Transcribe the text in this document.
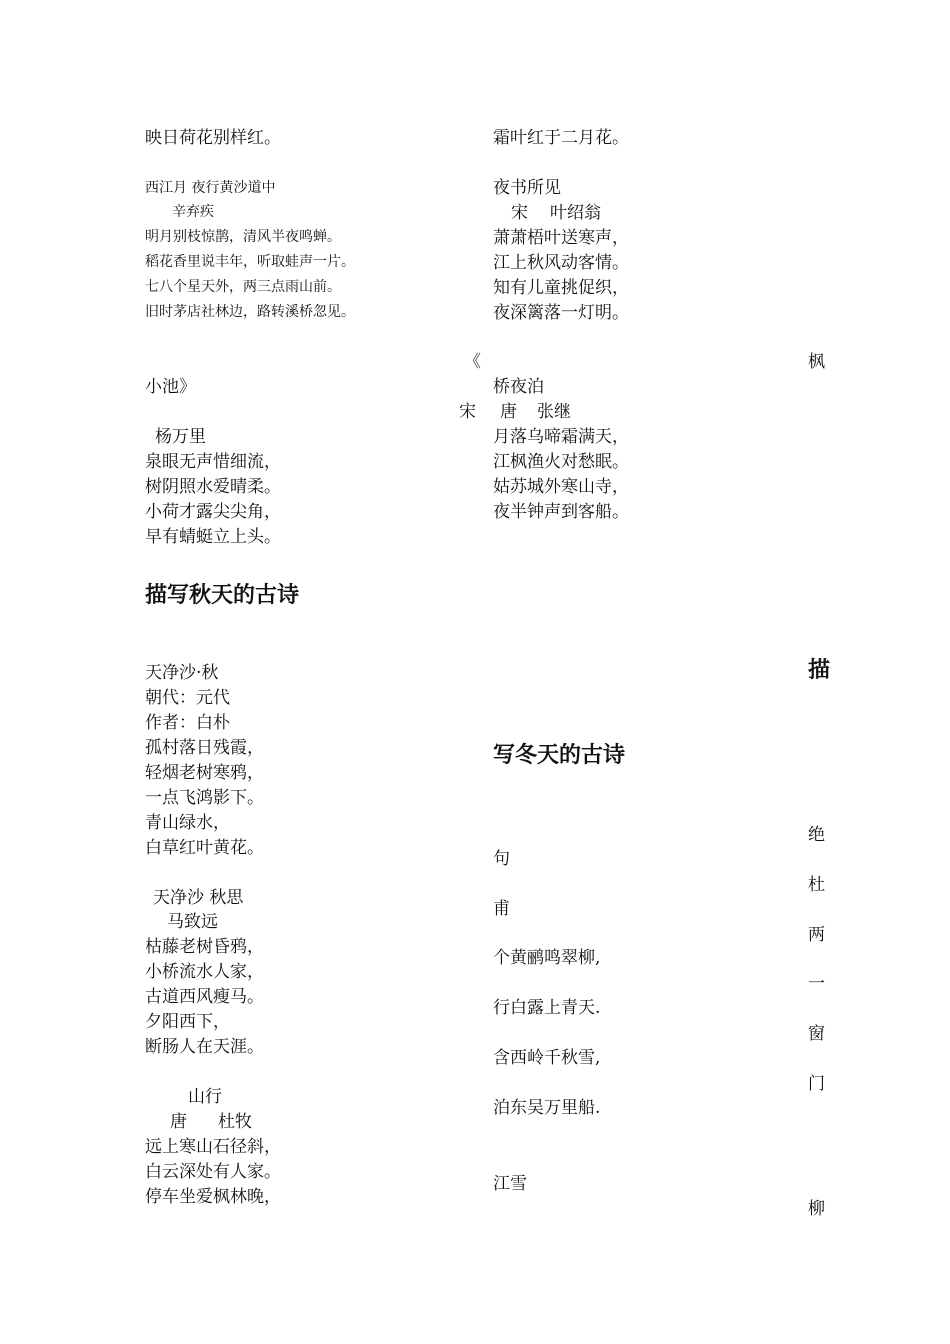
映日荷花别样红。
西江月 夜行黄沙道中
辛弃疾
明月别枝惊鹊，清风半夜鸣蝉。
稻花香里说丰年，听取蛙声一片。
七八个星天外，两三点雨山前。
旧时茅店社林边，路转溪桥忽见。
小池》
杨万里
泉眼无声惜细流，
树阴照水爱晴柔。
小荷才露尖尖角，
早有蜻蜓立上头。
描写秋天的古诗
天净沙·秋
朝代：元代
作者：白朴
孤村落日残霞，
轻烟老树寒鸦，
一点飞鸿影下。
青山绿水，
白草红叶黄花。
天净沙 秋思
马致远
枯藤老树昏鸦，
小桥流水人家，
古道西风瘦马。
夕阳西下，
断肠人在天涯。
山行
唐 杜牧
远上寒山石径斜，
白云深处有人家。
停车坐爱枫林晚，
霜叶红于二月花。
夜书所见
宋 叶绍翁
萧萧梧叶送寒声，
江上秋风动客情。
知有儿童挑促织，
夜深篱落一灯明。
《
桥夜泊
宋 唐 张继
月落乌啼霜满天，
江枫渔火对愁眠。
姑苏城外寒山寺，
夜半钟声到客船。
写冬天的古诗
句
甫
个黄鹂鸣翠柳,
行白露上青天.
含西岭千秋雪,
泊东吴万里船.
江雪
枫
描
绝
杜
两
一
窗
门
柳
